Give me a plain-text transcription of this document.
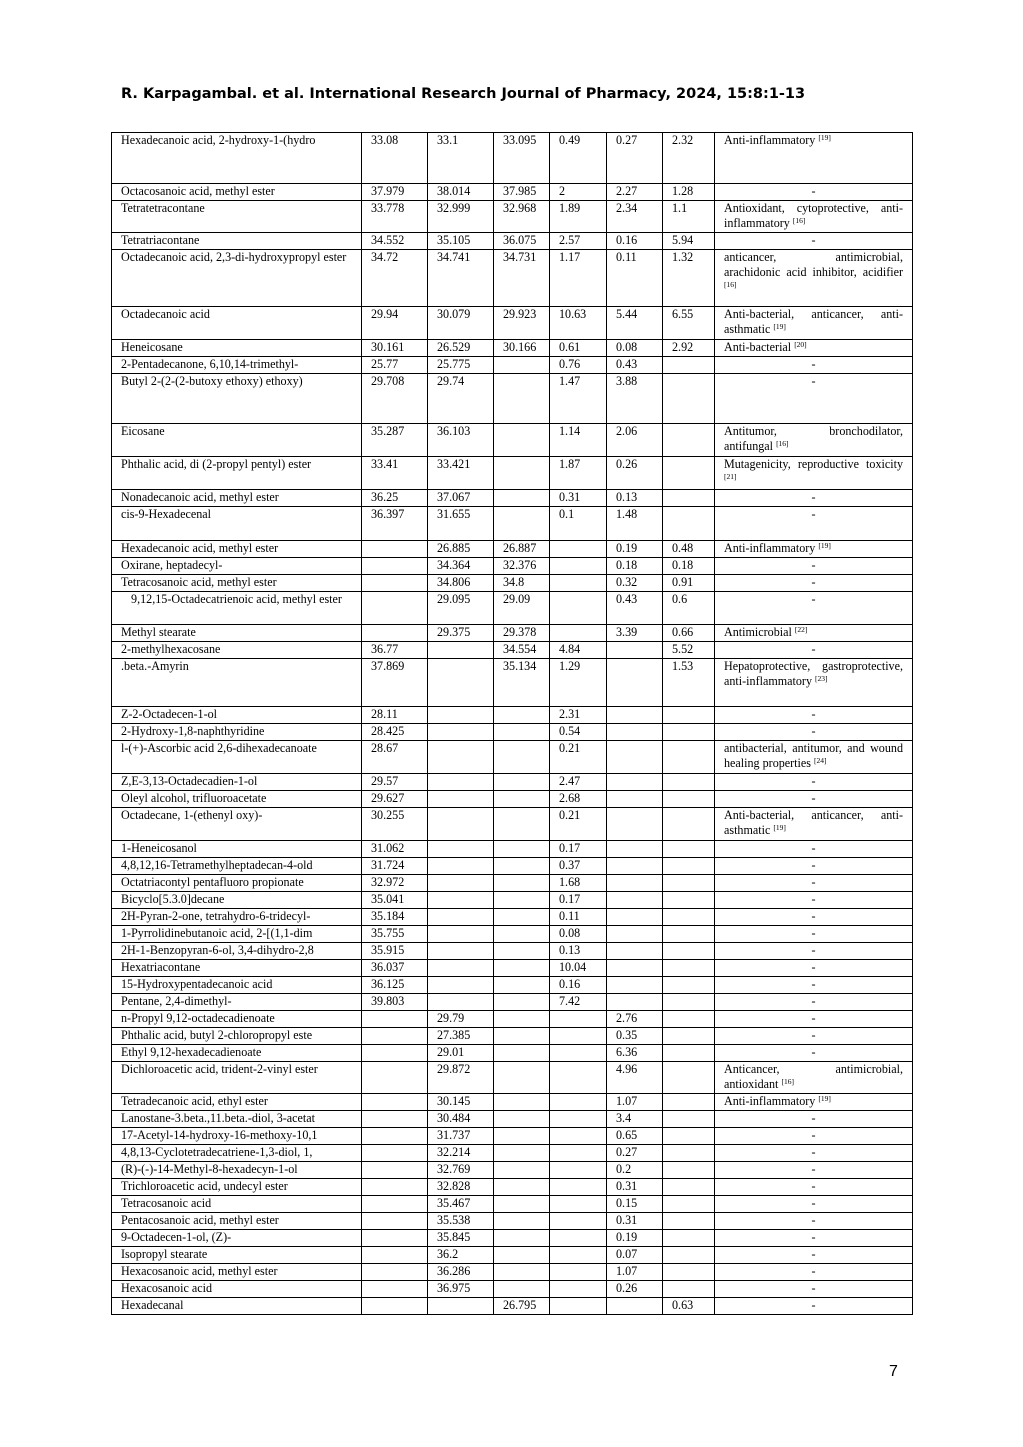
R. Karpagambal. et al. International Research Journal of Pharmacy, 2024, 15:8:1-13
Hexadecanoic acid, 2-hydroxy-1-(hydro	33.08	33.1	33.095	0.49	0.27	2.32	Anti-inflammatory [19]
Octacosanoic acid, methyl ester	37.979	38.014	37.985	2	2.27	1.28	-
Tetratetracontane	33.778	32.999	32.968	1.89	2.34	1.1	Antioxidant, cytoprotective, anti-inflammatory [16]
Tetratriacontane	34.552	35.105	36.075	2.57	0.16	5.94	-
Octadecanoic acid, 2,3-di-hydroxypropyl ester	34.72	34.741	34.731	1.17	0.11	1.32	anticancer, antimicrobial, arachidonic acid inhibitor, acidifier [16]
Octadecanoic acid	29.94	30.079	29.923	10.63	5.44	6.55	Anti-bacterial, anticancer, anti-asthmatic [19]
Heneicosane	30.161	26.529	30.166	0.61	0.08	2.92	Anti-bacterial [20]
2-Pentadecanone, 6,10,14-trimethyl-	25.77	25.775		0.76	0.43		-
Butyl 2-(2-(2-butoxy ethoxy) ethoxy)	29.708	29.74		1.47	3.88		-
Eicosane	35.287	36.103		1.14	2.06		Antitumor, bronchodilator, antifungal [16]
Phthalic acid, di (2-propyl pentyl) ester	33.41	33.421		1.87	0.26		Mutagenicity, reproductive toxicity [21]
Nonadecanoic acid, methyl ester	36.25	37.067		0.31	0.13		-
cis-9-Hexadecenal	36.397	31.655		0.1	1.48		-
Hexadecanoic acid, methyl ester		26.885	26.887		0.19	0.48	Anti-inflammatory [19]
Oxirane, heptadecyl-		34.364	32.376		0.18	0.18	-
Tetracosanoic acid, methyl ester		34.806	34.8		0.32	0.91	-
9,12,15-Octadecatrienoic acid, methyl ester		29.095	29.09		0.43	0.6	-
Methyl stearate		29.375	29.378		3.39	0.66	Antimicrobial [22]
2-methylhexacosane	36.77		34.554	4.84		5.52	-
.beta.-Amyrin	37.869		35.134	1.29		1.53	Hepatoprotective, gastroprotective, anti-inflammatory [23]
Z-2-Octadecen-1-ol	28.11			2.31			-
2-Hydroxy-1,8-naphthyridine	28.425			0.54			-
l-(+)-Ascorbic acid 2,6-dihexadecanoate	28.67			0.21			antibacterial, antitumor, and wound healing properties [24]
Z,E-3,13-Octadecadien-1-ol	29.57			2.47			-
Oleyl alcohol, trifluoroacetate	29.627			2.68			-
Octadecane, 1-(ethenyl oxy)-	30.255			0.21			Anti-bacterial, anticancer, anti-asthmatic [19]
1-Heneicosanol	31.062			0.17			-
4,8,12,16-Tetramethylheptadecan-4-old	31.724			0.37			-
Octatriacontyl pentafluoro propionate	32.972			1.68			-
Bicyclo[5.3.0]decane	35.041			0.17			-
2H-Pyran-2-one, tetrahydro-6-tridecyl-	35.184			0.11			-
1-Pyrrolidinebutanoic acid, 2-[(1,1-dim	35.755			0.08			-
2H-1-Benzopyran-6-ol, 3,4-dihydro-2,8	35.915			0.13			-
Hexatriacontane	36.037			10.04			-
15-Hydroxypentadecanoic acid	36.125			0.16			-
Pentane, 2,4-dimethyl-	39.803			7.42			-
n-Propyl 9,12-octadecadienoate		29.79			2.76		-
Phthalic acid, butyl 2-chloropropyl este		27.385			0.35		-
Ethyl 9,12-hexadecadienoate		29.01			6.36		-
Dichloroacetic acid, trident-2-vinyl ester		29.872			4.96		Anticancer, antimicrobial, antioxidant [16]
Tetradecanoic acid, ethyl ester		30.145			1.07		Anti-inflammatory [19]
Lanostane-3.beta.,11.beta.-diol, 3-acetat		30.484			3.4		-
17-Acetyl-14-hydroxy-16-methoxy-10,1		31.737			0.65		-
4,8,13-Cyclotetradecatriene-1,3-diol, 1,		32.214			0.27		-
(R)-(-)-14-Methyl-8-hexadecyn-1-ol		32.769			0.2		-
Trichloroacetic acid, undecyl ester		32.828			0.31		-
Tetracosanoic acid		35.467			0.15		-
Pentacosanoic acid, methyl ester		35.538			0.31		-
9-Octadecen-1-ol, (Z)-		35.845			0.19		-
Isopropyl stearate		36.2			0.07		-
Hexacosanoic acid, methyl ester		36.286			1.07		-
Hexacosanoic acid		36.975			0.26		-
Hexadecanal			26.795			0.63	-
7
